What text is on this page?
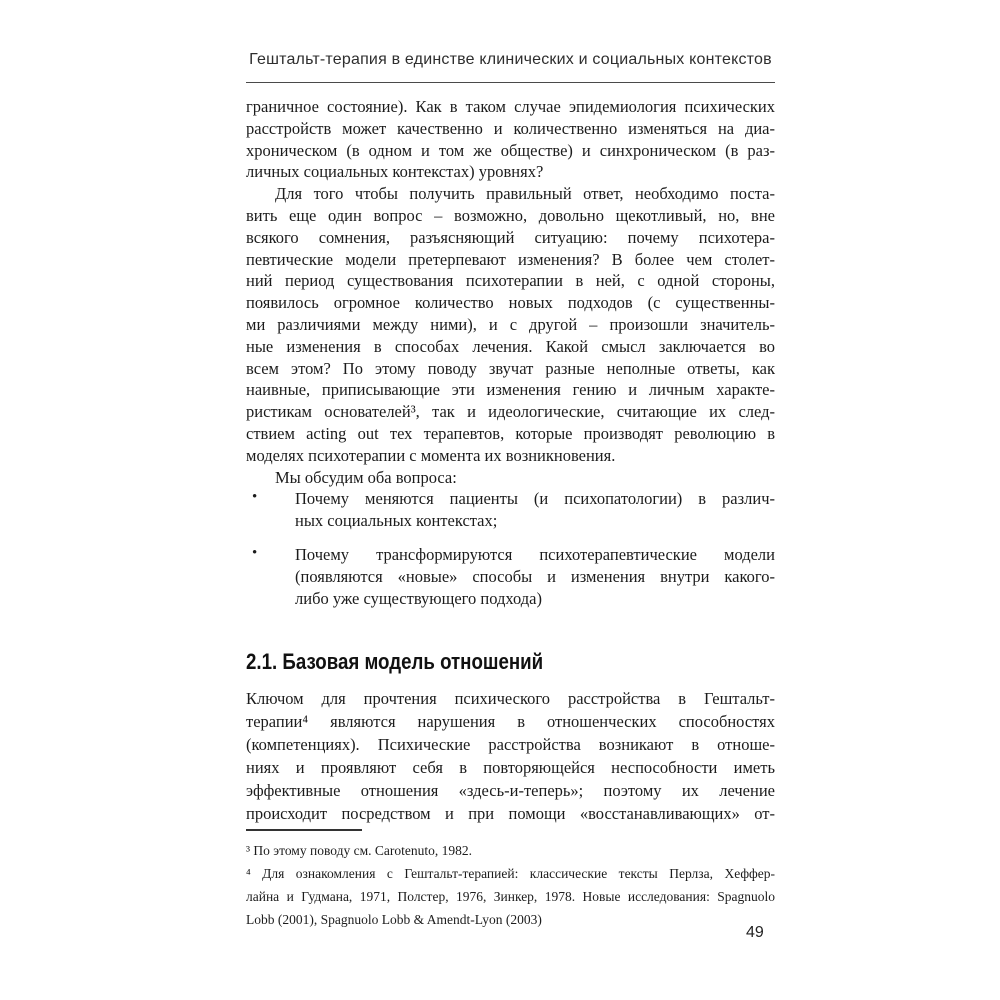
Гештальт-терапия в единстве клинических и социальных контекстов
граничное состояние). Как в таком случае эпидемиология психических
расстройств может качественно и количественно изменяться на диа-
хроническом (в одном и том же обществе) и синхроническом (в раз-
личных социальных контекстах) уровнях?
Для того чтобы получить правильный ответ, необходимо поста-
вить еще один вопрос – возможно, довольно щекотливый, но, вне
всякого сомнения, разъясняющий ситуацию: почему психотера-
певтические модели претерпевают изменения? В более чем столет-
ний период существования психотерапии в ней, с одной стороны,
появилось огромное количество новых подходов (с существенны-
ми различиями между ними), и с другой – произошли значитель-
ные изменения в способах лечения. Какой смысл заключается во
всем этом? По этому поводу звучат разные неполные ответы, как
наивные, приписывающие эти изменения гению и личным характе-
ристикам основателей³, так и идеологические, считающие их след-
ствием acting out тех терапевтов, которые производят революцию в
моделях психотерапии с момента их возникновения.
Мы обсудим оба вопроса:
• Почему меняются пациенты (и психопатологии) в различ-
ных социальных контекстах;
• Почему трансформируются психотерапевтические модели
(появляются «новые» способы и изменения внутри какого-
либо уже существующего подхода)
2.1. Базовая модель отношений
Ключом для прочтения психического расстройства в Гештальт-
терапии⁴ являются нарушения в отношенческих способностях
(компетенциях). Психические расстройства возникают в отноше-
ниях и проявляют себя в повторяющейся неспособности иметь
эффективные отношения «здесь-и-теперь»; поэтому их лечение
происходит посредством и при помощи «восстанавливающих» от-
³ По этому поводу см. Carotenuto, 1982.
⁴ Для ознакомления с Гештальт-терапией: классические тексты Перлза, Хеффер-
лайна и Гудмана, 1971, Полстер, 1976, Зинкер, 1978. Новые исследования: Spagnuolo
Lobb (2001), Spagnuolo Lobb & Amendt-Lyon (2003)
49
